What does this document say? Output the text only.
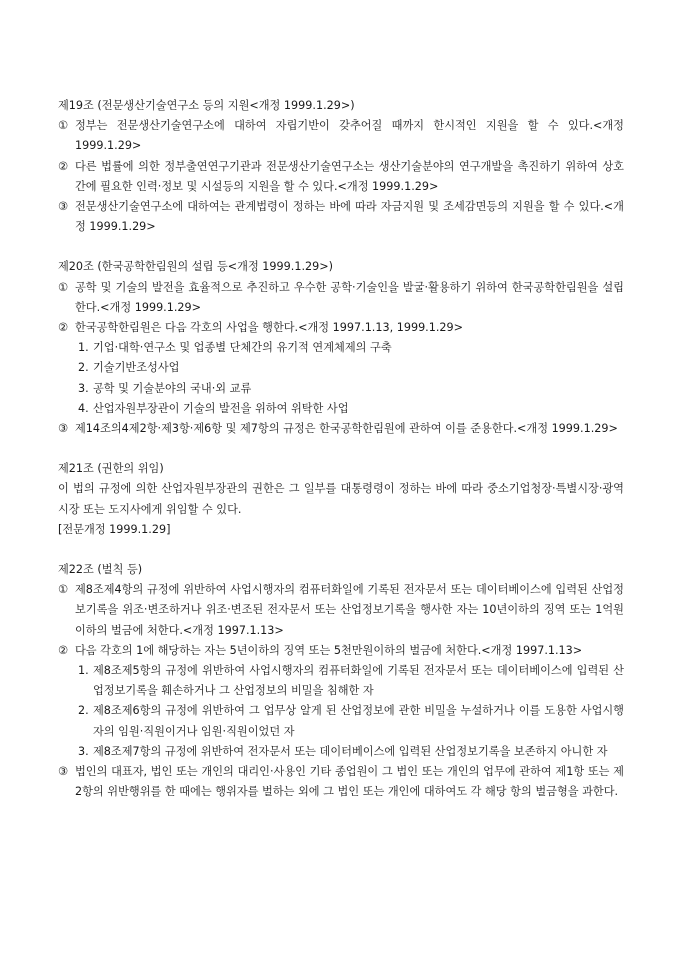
제19조 (전문생산기술연구소 등의 지원<개정 1999.1.29>)
① 정부는 전문생산기술연구소에 대하여 자립기반이 갖추어질 때까지 한시적인 지원을 할 수 있다.<개정 1999.1.29>
② 다른 법률에 의한 정부출연연구기관과 전문생산기술연구소는 생산기술분야의 연구개발을 촉진하기 위하여 상호간에 필요한 인력·정보 및 시설등의 지원을 할 수 있다.<개정 1999.1.29>
③ 전문생산기술연구소에 대하여는 관계법령이 정하는 바에 따라 자금지원 및 조세감면등의 지원을 할 수 있다.<개정 1999.1.29>
제20조 (한국공학한림원의 설립 등<개정 1999.1.29>)
① 공학 및 기술의 발전을 효율적으로 추진하고 우수한 공학·기술인을 발굴·활용하기 위하여 한국공학한림원을 설립한다.<개정 1999.1.29>
② 한국공학한림원은 다음 각호의 사업을 행한다.<개정 1997.1.13, 1999.1.29>
1. 기업·대학·연구소 및 업종별 단체간의 유기적 연계체제의 구축
2. 기술기반조성사업
3. 공학 및 기술분야의 국내·외 교류
4. 산업자원부장관이 기술의 발전을 위하여 위탁한 사업
③ 제14조의4제2항·제3항·제6항 및 제7항의 규정은 한국공학한림원에 관하여 이를 준용한다.<개정 1999.1.29>
제21조 (권한의 위임)
이 법의 규정에 의한 산업자원부장관의 권한은 그 일부를 대통령령이 정하는 바에 따라 중소기업청장·특별시장·광역시장 또는 도지사에게 위임할 수 있다.
[전문개정 1999.1.29]
제22조 (벌칙 등)
① 제8조제4항의 규정에 위반하여 사업시행자의 컴퓨터화일에 기록된 전자문서 또는 데이터베이스에 입력된 산업정보기록을 위조·변조하거나 위조·변조된 전자문서 또는 산업정보기록을 행사한 자는 10년이하의 징역 또는 1억원이하의 벌금에 처한다.<개정 1997.1.13>
② 다음 각호의 1에 해당하는 자는 5년이하의 징역 또는 5천만원이하의 벌금에 처한다.<개정 1997.1.13>
1. 제8조제5항의 규정에 위반하여 사업시행자의 컴퓨터화일에 기록된 전자문서 또는 데이터베이스에 입력된 산업정보기록을 훼손하거나 그 산업정보의 비밀을 침해한 자
2. 제8조제6항의 규정에 위반하여 그 업무상 알게 된 산업정보에 관한 비밀을 누설하거나 이를 도용한 사업시행자의 임원·직원이거나 임원·직원이었던 자
3. 제8조제7항의 규정에 위반하여 전자문서 또는 데이터베이스에 입력된 산업정보기록을 보존하지 아니한 자
③ 법인의 대표자, 법인 또는 개인의 대리인·사용인 기타 종업원이 그 법인 또는 개인의 업무에 관하여 제1항 또는 제2항의 위반행위를 한 때에는 행위자를 벌하는 외에 그 법인 또는 개인에 대하여도 각 해당 항의 벌금형을 과한다.
